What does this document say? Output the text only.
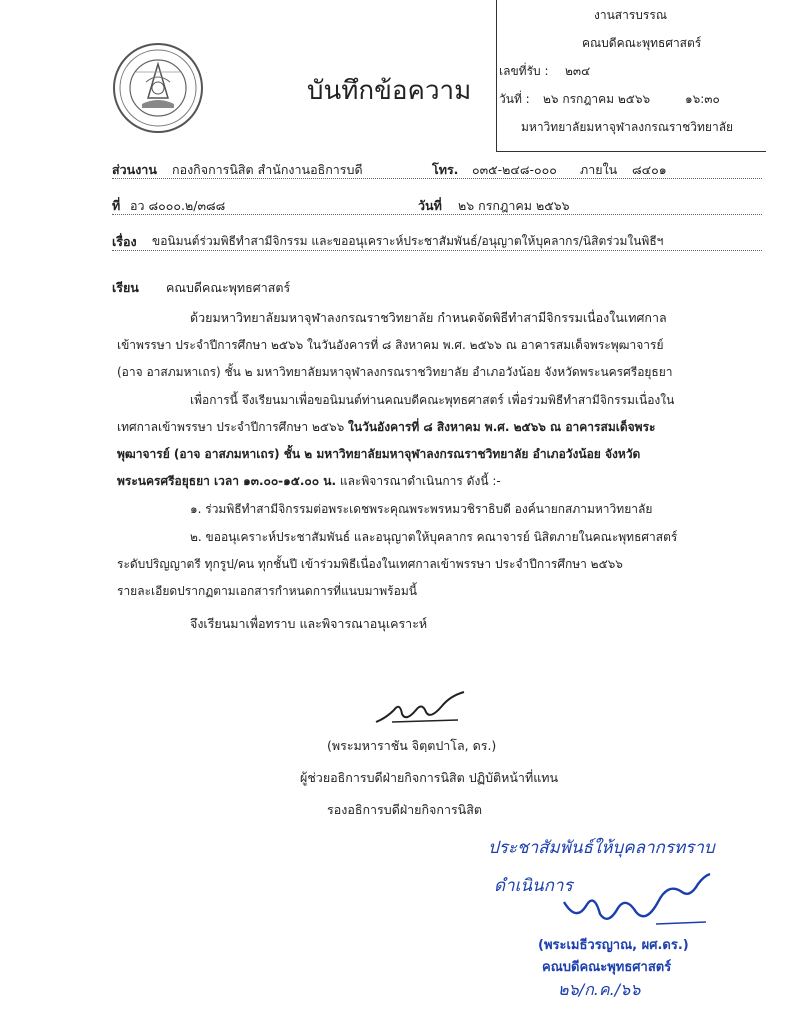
บันทึกข้อความ
งานสารบรรณ
คณบดีคณะพุทธศาสตร์
เลขที่รับ : ๒๓๔
วันที่ : ๒๖ กรกฎาคม ๒๕๖๖	๑๖:๓๐
มหาวิทยาลัยมหาจุฬาลงกรณราชวิทยาลัย
ส่วนงาน กองกิจการนิสิต สำนักงานอธิการบดี	โทร. ๐๓๕-๒๔๘-๐๐๐ ภายใน ๘๔๐๑
ที่ อว ๘๐๐๐.๒/๓๘๘	วันที่ ๒๖ กรกฎาคม ๒๕๖๖
เรื่อง ขอนิมนต์ร่วมพิธีทำสามีจิกรรม และขออนุเคราะห์ประชาสัมพันธ์/อนุญาตให้บุคลากร/นิสิตร่วมในพิธีฯ
เรียน คณบดีคณะพุทธศาสตร์
ด้วยมหาวิทยาลัยมหาจุฬาลงกรณราชวิทยาลัย กำหนดจัดพิธีทำสามีจิกรรมเนื่องในเทศกาล
เข้าพรรษา ประจำปีการศึกษา ๒๕๖๖ ในวันอังคารที่ ๘ สิงหาคม พ.ศ. ๒๕๖๖ ณ อาคารสมเด็จพระพุฒาจารย์
(อาจ อาสภมหาเถร) ชั้น ๒ มหาวิทยาลัยมหาจุฬาลงกรณราชวิทยาลัย อำเภอวังน้อย จังหวัดพระนครศรีอยุธยา
เพื่อการนี้ จึงเรียนมาเพื่อขอนิมนต์ท่านคณบดีคณะพุทธศาสตร์ เพื่อร่วมพิธีทำสามีจิกรรมเนื่องใน
เทศกาลเข้าพรรษา ประจำปีการศึกษา ๒๕๖๖ ในวันอังคารที่ ๘ สิงหาคม พ.ศ. ๒๕๖๖ ณ อาคารสมเด็จพระ
พุฒาจารย์ (อาจ อาสภมหาเถร) ชั้น ๒ มหาวิทยาลัยมหาจุฬาลงกรณราชวิทยาลัย อำเภอวังน้อย จังหวัด
พระนครศรีอยุธยา เวลา ๑๓.๐๐-๑๕.๐๐ น. และพิจารณาดำเนินการ ดังนี้ :-
๑. ร่วมพิธีทำสามีจิกรรมต่อพระเดชพระคุณพระพรหมวชิราธิบดี องค์นายกสภามหาวิทยาลัย
๒. ขออนุเคราะห์ประชาสัมพันธ์ และอนุญาตให้บุคลากร คณาจารย์ นิสิตภายในคณะพุทธศาสตร์
ระดับปริญญาตรี ทุกรูป/คน ทุกชั้นปี เข้าร่วมพิธีเนื่องในเทศกาลเข้าพรรษา ประจำปีการศึกษา ๒๕๖๖
รายละเอียดปรากฏตามเอกสารกำหนดการที่แนบมาพร้อมนี้
จึงเรียนมาเพื่อทราบ และพิจารณาอนุเคราะห์
(พระมหาราชัน จิตฺตปาโล, ดร.)
ผู้ช่วยอธิการบดีฝ่ายกิจการนิสิต ปฏิบัติหน้าที่แทน
รองอธิการบดีฝ่ายกิจการนิสิต
ประชาสัมพันธ์ให้บุคลากรทราบ
ดำเนินการ
(พระเมธีวรญาณ, ผศ.ดร.)
คณบดีคณะพุทธศาสตร์
๒๖/ก.ค./๖๖
